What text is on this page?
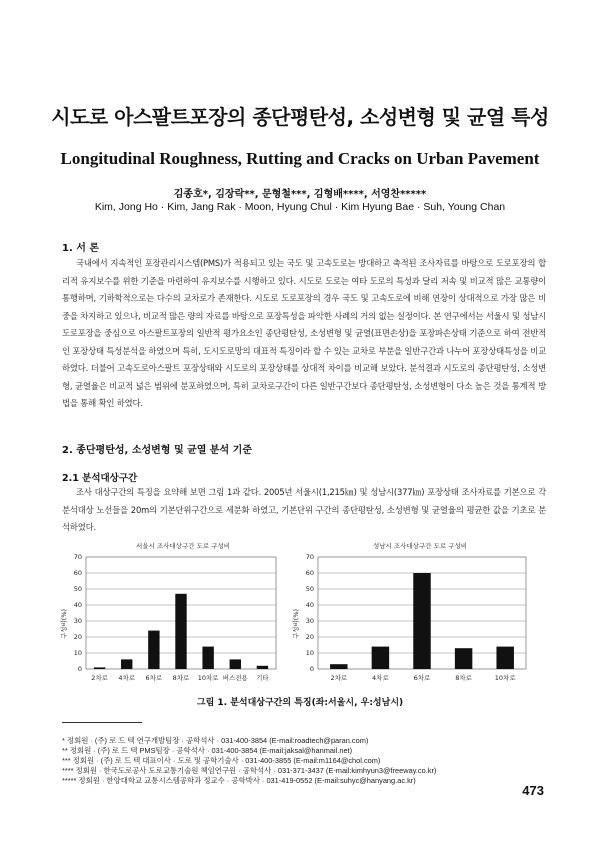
시도로 아스팔트포장의 종단평탄성, 소성변형 및 균열 특성
Longitudinal Roughness, Rutting and Cracks on Urban Pavement
김종호*, 김장락**, 문형철***, 김형배****, 서영찬*****
Kim, Jong Ho · Kim, Jang Rak · Moon, Hyung Chul · Kim Hyung Bae · Suh, Young Chan
1. 서 론

국내에서 지속적인 포장관리시스템(PMS)가 적용되고 있는 국도 및 고속도로는 방대하고 축적된 조사자료를 바탕으로 도로포장의 합리적 유지보수를 위한 기준을 마련하여 유지보수를 시행하고 있다. 시도로 도로는 여타 도로의 특성과 달리 저속 및 비교적 많은 교통량이 통행하며, 기하학적으로는 다수의 교차로가 존재한다. 시도로 도로포장의 경우 국도 및 고속도로에 비해 연장이 상대적으로 가장 많은 비중을 차지하고 있으나, 비교적 많은 량의 자료를 바탕으로 포장특성을 파악한 사례의 거의 없는 실정이다. 본 연구에서는 서울시 및 성남시 도로포장을 중심으로 아스팔트포장의 일반적 평가요소인 종단평탄성, 소성변형 및 균열(표면손상)을 포장파손상태 기준으로 하여 전반적인 포장상태 특성분석을 하였으며 특히, 도시도로망의 대표적 특징이라 할 수 있는 교차로 부분을 일반구간과 나누어 포장상태특성을 비교하였다. 더불어 고속도로아스팔트 포장상태와 시도로의 포장상태를 상대적 차이를 비교해 보았다. 분석결과 시도로의 종단평탄성, 소성변형, 균열율은 비교적 넓은 범위에 분포하였으며, 특히 교차로구간이 다른 일반구간보다 종단평탄성, 소성변형이 다소 높은 것을 통계적 방법을 통해 확인 하였다.

2. 종단평탄성, 소성변형 및 균열 분석 기준
2.1 분석대상구간

조사 대상구간의 특징을 요약해 보면 그림 1과 같다. 2005년 서울시(1,215㎞) 및 성남시(377㎞) 포장상태 조사자료를 기본으로 각 분석대상 노선들을 20m의 기본단위구간으로 세분화 하였고, 기본단위 구간의 종단평탄성, 소성변형 및 균열율의 평균한 값을 기초로 분석하였다.

서울시 조사대상구간 도로 구성비
구성비(%)
0
10
20
30
40
50
60
70
2차로 4차로 6차로 8차로 10차로 버스전용 기타
성남시 조사대상구간 도로 구성비
구성비(%)
0
10
20
30
40
50
60
70
2차로	4차로	6차로	8차로	10차로
그림 1. 분석대상구간의 특징(좌:서울시, 우:성남시)
* 정회원 · (주) 로 드 텍 연구개발팀장 · 공학석사 · 031-400-3854 (E-mail:roadtech@paran.com)
** 정회원 · (주) 로 드 텍 PMS팀장 · 공학석사 · 031-400-3854 (E-mail:jaksal@hanmail.net)
*** 정회원 · (주) 로 드 텍 대표이사 · 도로 및 공학기술사 · 031-400-3855 (E-mail:m1164@chol.com)
**** 정회원 · 한국도로공사 도로교통기술원 책임연구원 · 공학석사 · 031-371-3437 (E-mail:kimhyun3@freeway.co.kr)
***** 정회원 · 한양대학교 교통시스템공학과 정교수 · 공학박사 · 031-419-0552 (E-mail:suhyc@hanyang.ac.kr)
473
